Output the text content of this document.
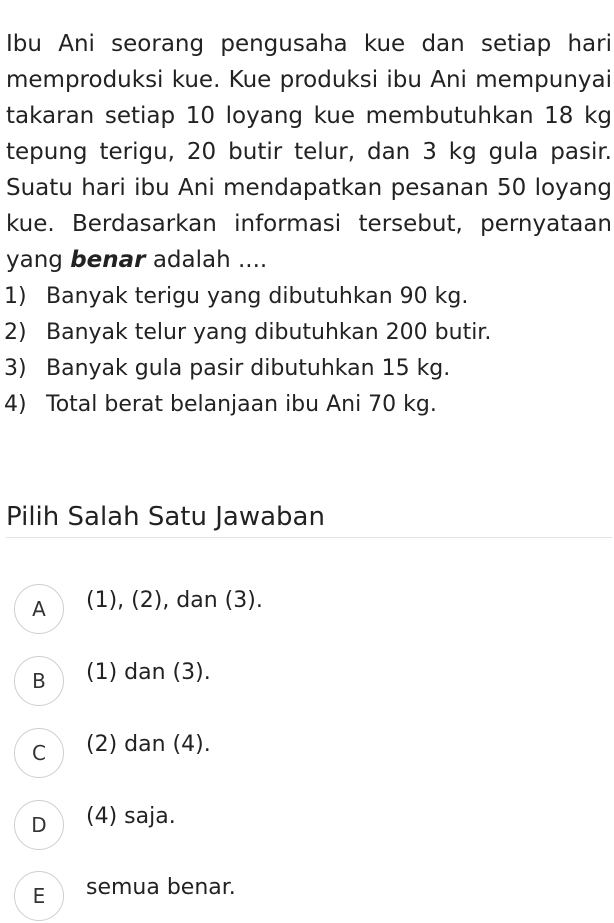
Ibu Ani seorang pengusaha kue dan setiap hari
memproduksi kue. Kue produksi ibu Ani mempunyai
takaran setiap 10 loyang kue membutuhkan 18 kg
tepung terigu, 20 butir telur, dan 3 kg gula pasir.
Suatu hari ibu Ani mendapatkan pesanan 50 loyang
kue. Berdasarkan informasi tersebut, pernyataan
yang benar adalah ....
1) Banyak terigu yang dibutuhkan 90 kg.
2) Banyak telur yang dibutuhkan 200 butir.
3) Banyak gula pasir dibutuhkan 15 kg.
4) Total berat belanjaan ibu Ani 70 kg.
Pilih Salah Satu Jawaban
A	(1), (2), dan (3).
B	(1) dan (3).
C	(2) dan (4).
D	(4) saja.
E	semua benar.
